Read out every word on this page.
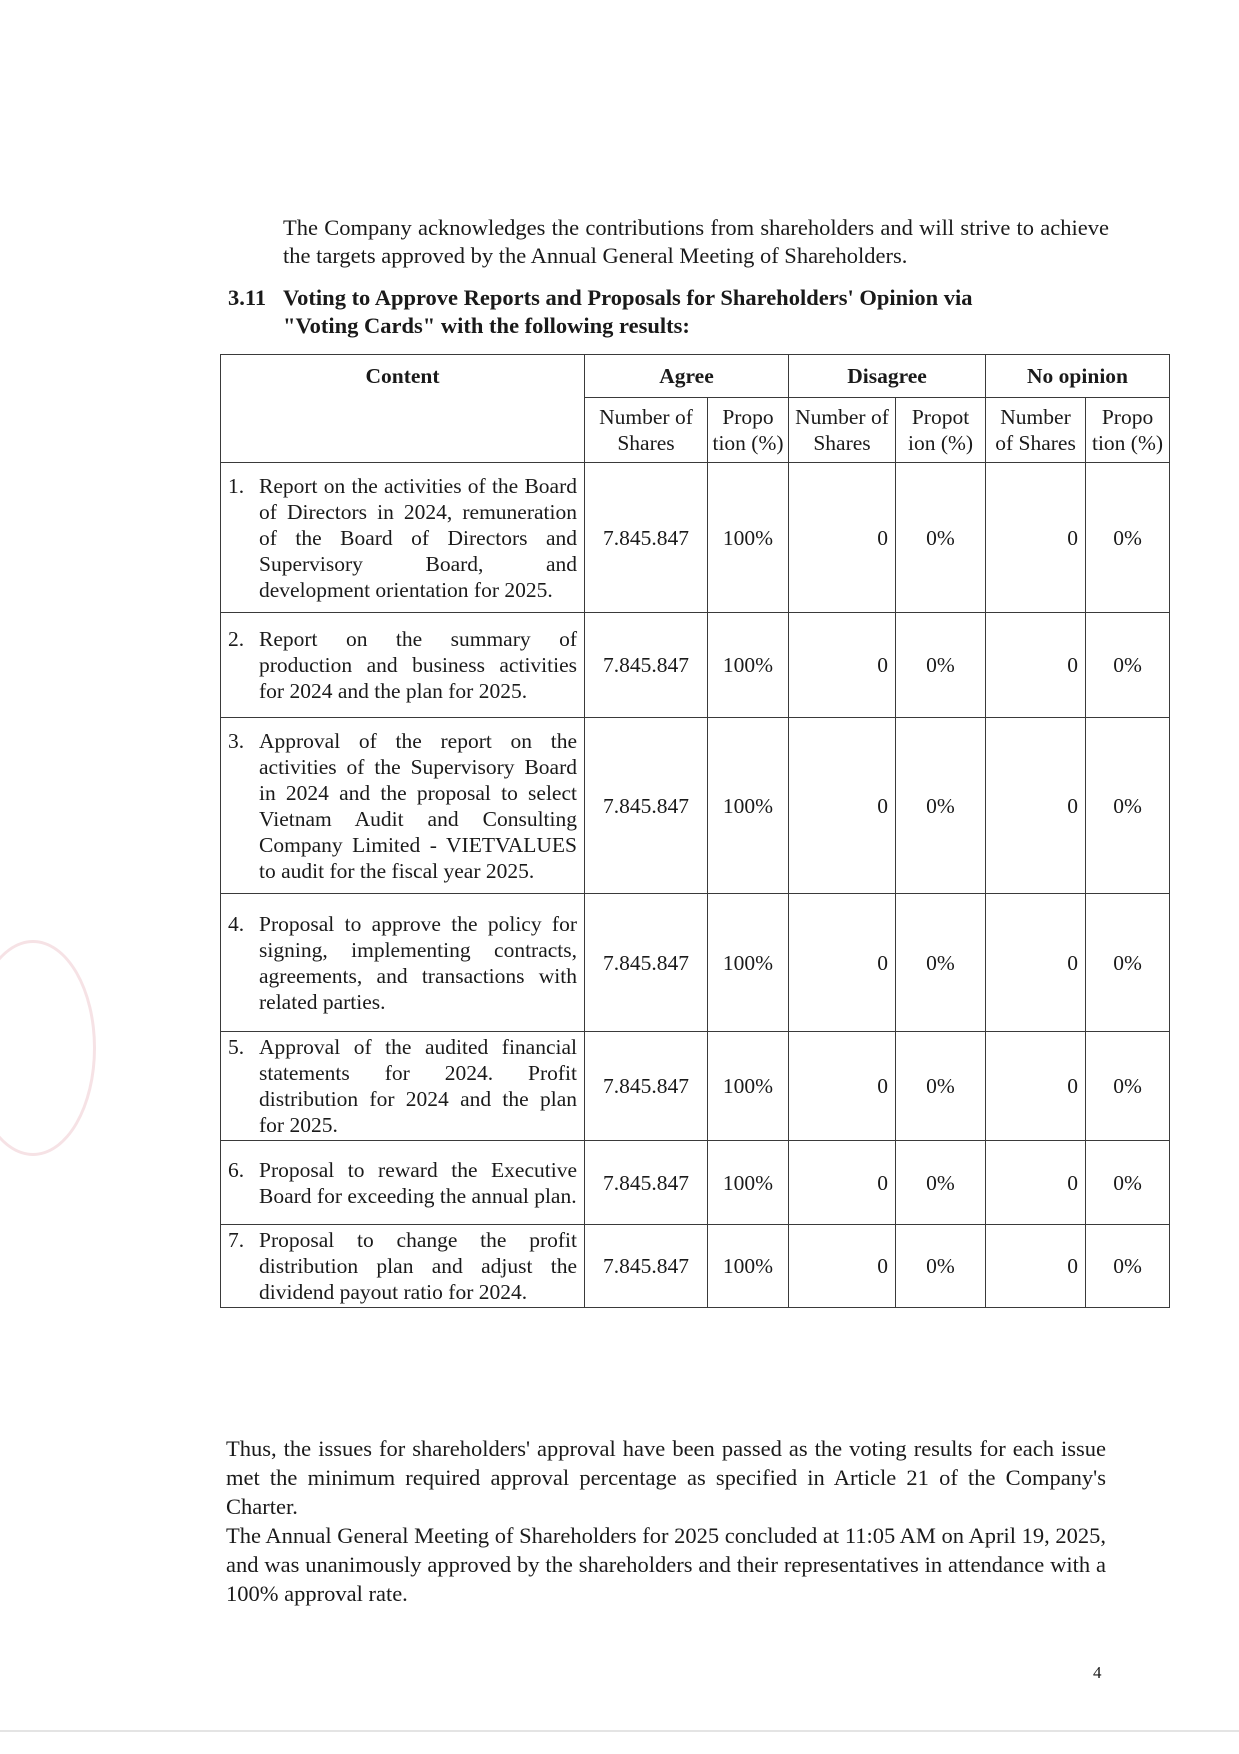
The Company acknowledges the contributions from shareholders and will strive to achieve the targets approved by the Annual General Meeting of Shareholders.
3.11 Voting to Approve Reports and Proposals for Shareholders' Opinion via
"Voting Cards" with the following results:
Content	Agree		Disagree		No opinion	
	Number of Shares	Propo tion (%)	Number of Shares	Propot ion (%)	Number of Shares	Propo tion (%)

1. Report on the activities of the Board of Directors in 2024, remuneration of the Board of Directors and Supervisory Board, and development orientation for 2025.	7.845.847	100%	0	0%	0	0%

2. Report on the summary of production and business activities for 2024 and the plan for 2025.	7.845.847	100%	0	0%	0	0%

3. Approval of the report on the activities of the Supervisory Board in 2024 and the proposal to select Vietnam Audit and Consulting Company Limited - VIETVALUES to audit for the fiscal year 2025.	7.845.847	100%	0	0%	0	0%

4. Proposal to approve the policy for signing, implementing contracts, agreements, and transactions with related parties.	7.845.847	100%	0	0%	0	0%

5. Approval of the audited financial statements for 2024. Profit distribution for 2024 and the plan for 2025.	7.845.847	100%	0	0%	0	0%

6. Proposal to reward the Executive Board for exceeding the annual plan.	7.845.847	100%	0	0%	0	0%

7. Proposal to change the profit distribution plan and adjust the dividend payout ratio for 2024.	7.845.847	100%	0	0%	0	0%

Thus, the issues for shareholders' approval have been passed as the voting results for each issue met the minimum required approval percentage as specified in Article 21 of the Company's Charter.

The Annual General Meeting of Shareholders for 2025 concluded at 11:05 AM on April 19, 2025, and was unanimously approved by the shareholders and their representatives in attendance with a 100% approval rate.

4
